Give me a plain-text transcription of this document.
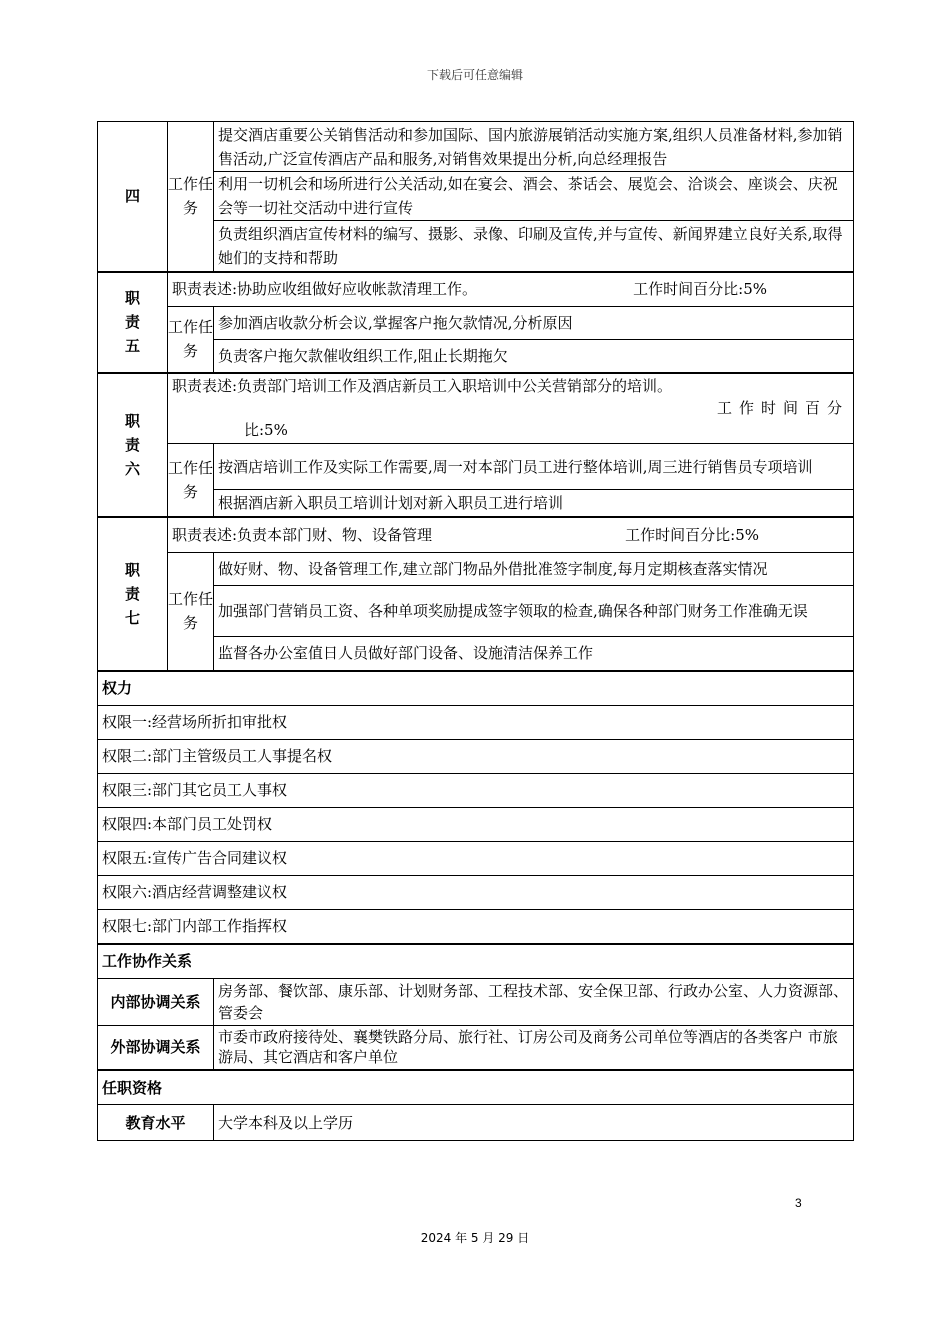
下载后可任意编辑
四	工作任务	提交酒店重要公关销售活动和参加国际、国内旅游展销活动实施方案,组织人员准备材料,参加销售活动,广泛宣传酒店产品和服务,对销售效果提出分析,向总经理报告
		利用一切机会和场所进行公关活动,如在宴会、酒会、茶话会、展览会、洽谈会、座谈会、庆祝会等一切社交活动中进行宣传
		负责组织酒店宣传材料的编写、摄影、录像、印刷及宣传,并与宣传、新闻界建立良好关系,取得她们的支持和帮助

职责五	职责表述:协助应收组做好应收帐款清理工作。 工作时间百分比:5%	

	工作任务	参加酒店收款分析会议,掌握客户拖欠款情况,分析原因
		负责客户拖欠款催收组织工作,阻止长期拖欠

职责六	职责表述:负责部门培训工作及酒店新员工入职培训中公关营销部分的培训。
工作时间百分
比:5%	

	工作任务	按酒店培训工作及实际工作需要,周一对本部门员工进行整体培训,周三进行销售员专项培训
		根据酒店新入职员工培训计划对新入职员工进行培训

职责七	职责表述:负责本部门财、物、设备管理 工作时间百分比:5%	

	工作任务	做好财、物、设备管理工作,建立部门物品外借批准签字制度,每月定期核查落实情况
		加强部门营销员工资、各种单项奖励提成签字领取的检查,确保各种部门财务工作准确无误
		监督各办公室值日人员做好部门设备、设施清洁保养工作
权力		
权限一:经营场所折扣审批权		
权限二:部门主管级员工人事提名权		
权限三:部门其它员工人事权		
权限四:本部门员工处罚权		
权限五:宣传广告合同建议权		
权限六:酒店经营调整建议权		
权限七:部门内部工作指挥权		
工作协作关系		
内部协调关系		房务部、餐饮部、康乐部、计划财务部、工程技术部、安全保卫部、行政办公室、人力资源部、管委会
外部协调关系		市委市政府接待处、襄樊铁路分局、旅行社、订房公司及商务公司单位等酒店的各类客户 市旅游局、其它酒店和客户单位
任职资格		
教育水平		大学本科及以上学历
3
2024 年 5 月 29 日
